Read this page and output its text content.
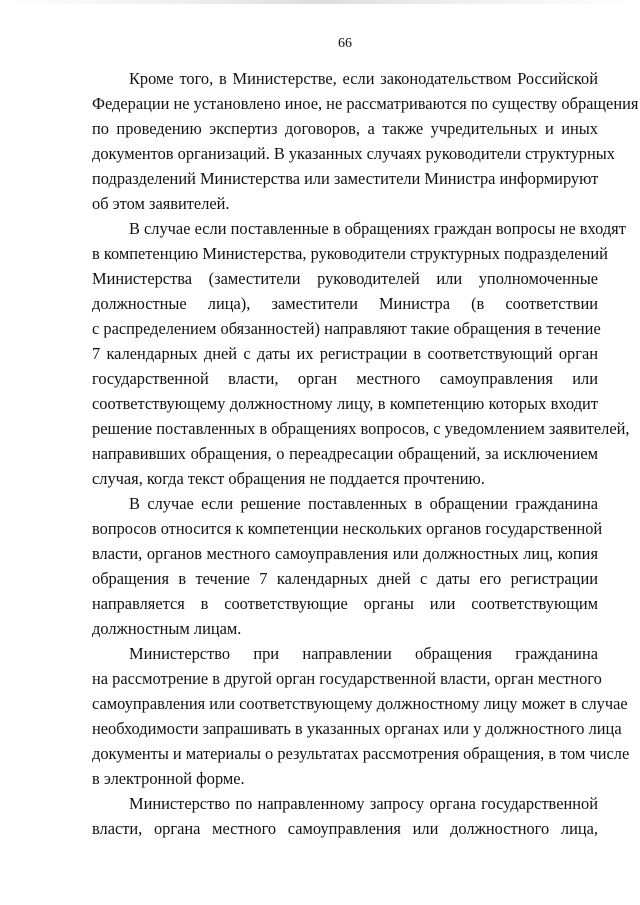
66
Кроме того, в Министерстве, если законодательством Российской
Федерации не установлено иное, не рассматриваются по существу обращения
по проведению экспертиз договоров, а также учредительных и иных
документов организаций. В указанных случаях руководители структурных
подразделений Министерства или заместители Министра информируют
об этом заявителей.
В случае если поставленные в обращениях граждан вопросы не входят
в компетенцию Министерства, руководители структурных подразделений
Министерства (заместители руководителей или уполномоченные
должностные лица), заместители Министра (в соответствии
с распределением обязанностей) направляют такие обращения в течение
7 календарных дней с даты их регистрации в соответствующий орган
государственной власти, орган местного самоуправления или
соответствующему должностному лицу, в компетенцию которых входит
решение поставленных в обращениях вопросов, с уведомлением заявителей,
направивших обращения, о переадресации обращений, за исключением
случая, когда текст обращения не поддается прочтению.
В случае если решение поставленных в обращении гражданина
вопросов относится к компетенции нескольких органов государственной
власти, органов местного самоуправления или должностных лиц, копия
обращения в течение 7 календарных дней с даты его регистрации
направляется в соответствующие органы или соответствующим
должностным лицам.
Министерство при направлении обращения гражданина
на рассмотрение в другой орган государственной власти, орган местного
самоуправления или соответствующему должностному лицу может в случае
необходимости запрашивать в указанных органах или у должностного лица
документы и материалы о результатах рассмотрения обращения, в том числе
в электронной форме.
Министерство по направленному запросу органа государственной
власти, органа местного самоуправления или должностного лица,
